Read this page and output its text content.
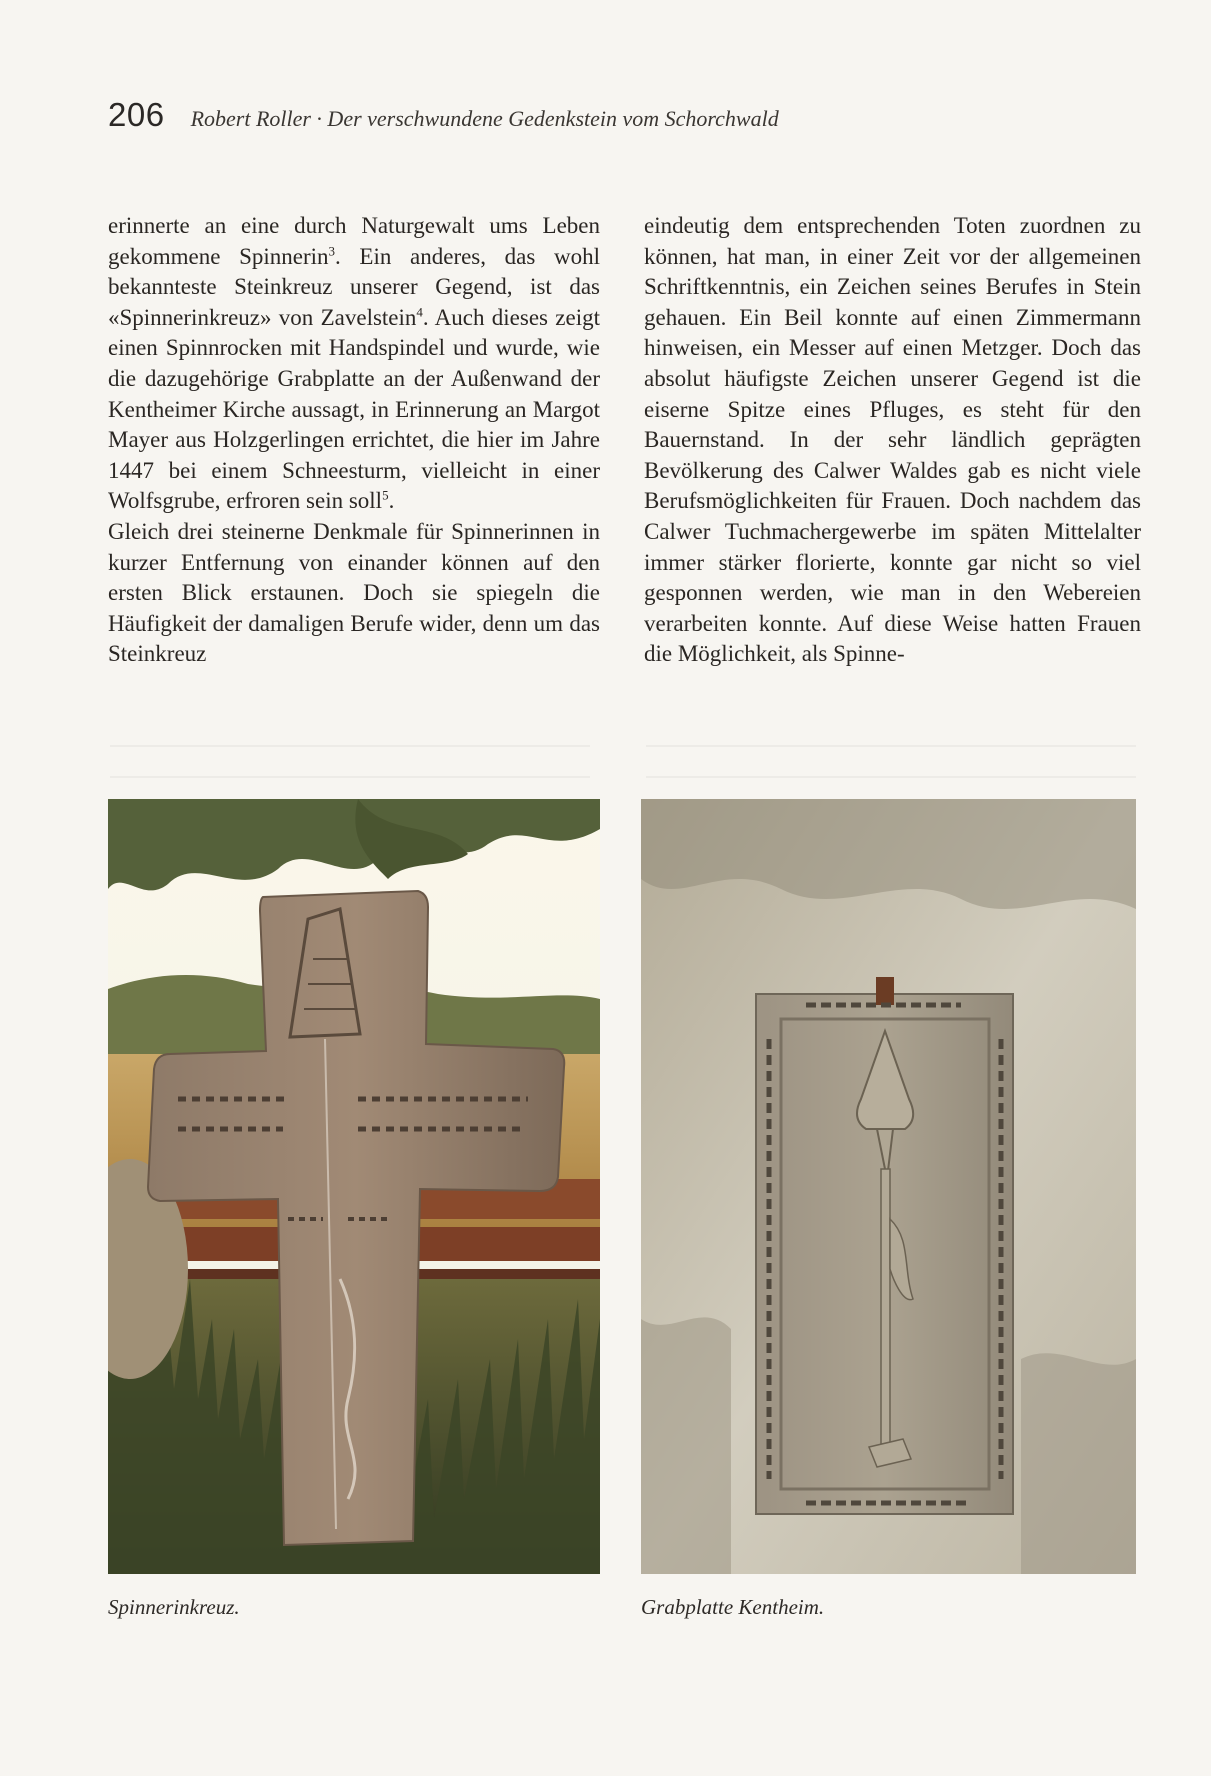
206 Robert Roller · Der verschwundene Gedenkstein vom Schorchwald

erinnerte an eine durch Naturgewalt ums Leben gekommene Spinnerin$^3$. Ein anderes, das wohl bekannteste Steinkreuz unserer Gegend, ist das «Spinnerinkreuz» von Zavelstein$^4$. Auch dieses zeigt einen Spinnrocken mit Handspindel und wurde, wie die dazugehörige Grabplatte an der Außenwand der Kentheimer Kirche aussagt, in Erinnerung an Margot Mayer aus Holzgerlingen errichtet, die hier im Jahre 1447 bei einem Schneesturm, vielleicht in einer Wolfsgrube, erfroren sein soll$^5$.

Gleich drei steinerne Denkmale für Spinnerinnen in kurzer Entfernung von einander können auf den ersten Blick erstaunen. Doch sie spiegeln die Häufigkeit der damaligen Berufe wider, denn um das Steinkreuz

eindeutig dem entsprechenden Toten zuordnen zu können, hat man, in einer Zeit vor der allgemeinen Schriftkenntnis, ein Zeichen seines Berufes in Stein gehauen. Ein Beil konnte auf einen Zimmermann hinweisen, ein Messer auf einen Metzger. Doch das absolut häufigste Zeichen unserer Gegend ist die eiserne Spitze eines Pfluges, es steht für den Bauernstand. In der sehr ländlich geprägten Bevölkerung des Calwer Waldes gab es nicht viele Berufsmöglichkeiten für Frauen. Doch nachdem das Calwer Tuchmachergewerbe im späten Mittelalter immer stärker florierte, konnte gar nicht so viel gesponnen werden, wie man in den Webereien verarbeiten konnte. Auf diese Weise hatten Frauen die Möglichkeit, als Spinne-

Spinnerinkreuz.	Grabplatte Kentheim.
